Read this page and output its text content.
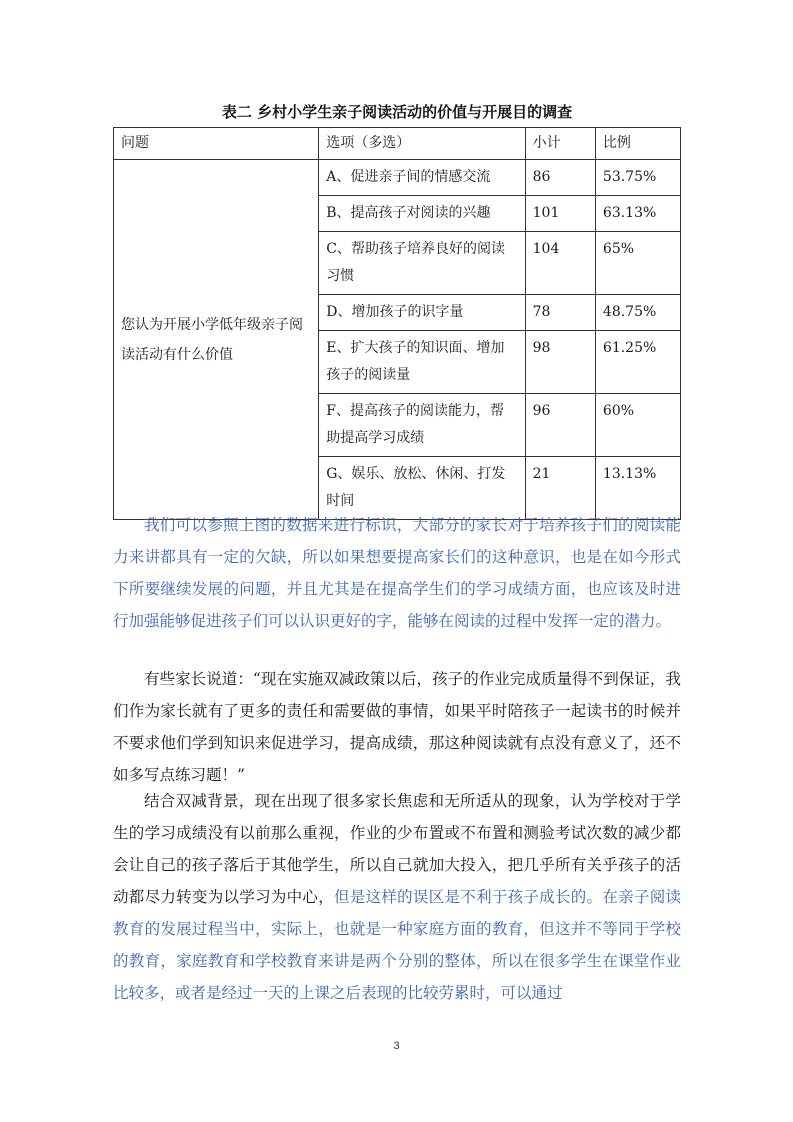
表二 乡村小学生亲子阅读活动的价值与开展目的调查
问题	选项（多选）	小计	比例
您认为开展小学低年级亲子阅读活动有什么价值	A、促进亲子间的情感交流	86	53.75%
	B、提高孩子对阅读的兴趣	101	63.13%
	C、帮助孩子培养良好的阅读习惯	104	65%
	D、增加孩子的识字量	78	48.75%
	E、扩大孩子的知识面、增加孩子的阅读量	98	61.25%
	F、提高孩子的阅读能力，帮助提高学习成绩	96	60%
	G、娱乐、放松、休闲、打发时间	21	13.13%

我们可以参照上图的数据来进行标识，大部分的家长对于培养孩子们的阅读能力来讲都具有一定的欠缺，所以如果想要提高家长们的这种意识，也是在如今形式下所要继续发展的问题，并且尤其是在提高学生们的学习成绩方面，也应该及时进行加强能够促进孩子们可以认识更好的字，能够在阅读的过程中发挥一定的潜力。

有些家长说道：“现在实施双减政策以后，孩子的作业完成质量得不到保证，我们作为家长就有了更多的责任和需要做的事情，如果平时陪孩子一起读书的时候并不要求他们学到知识来促进学习，提高成绩，那这种阅读就有点没有意义了，还不如多写点练习题！”

结合双减背景，现在出现了很多家长焦虑和无所适从的现象，认为学校对于学生的学习成绩没有以前那么重视，作业的少布置或不布置和测验考试次数的减少都会让自己的孩子落后于其他学生，所以自己就加大投入，把几乎所有关乎孩子的活动都尽力转变为以学习为中心，但是这样的误区是不利于孩子成长的。在亲子阅读教育的发展过程当中，实际上，也就是一种家庭方面的教育，但这并不等同于学校的教育，家庭教育和学校教育来讲是两个分别的整体，所以在很多学生在课堂作业比较多，或者是经过一天的上课之后表现的比较劳累时，可以通过

3
